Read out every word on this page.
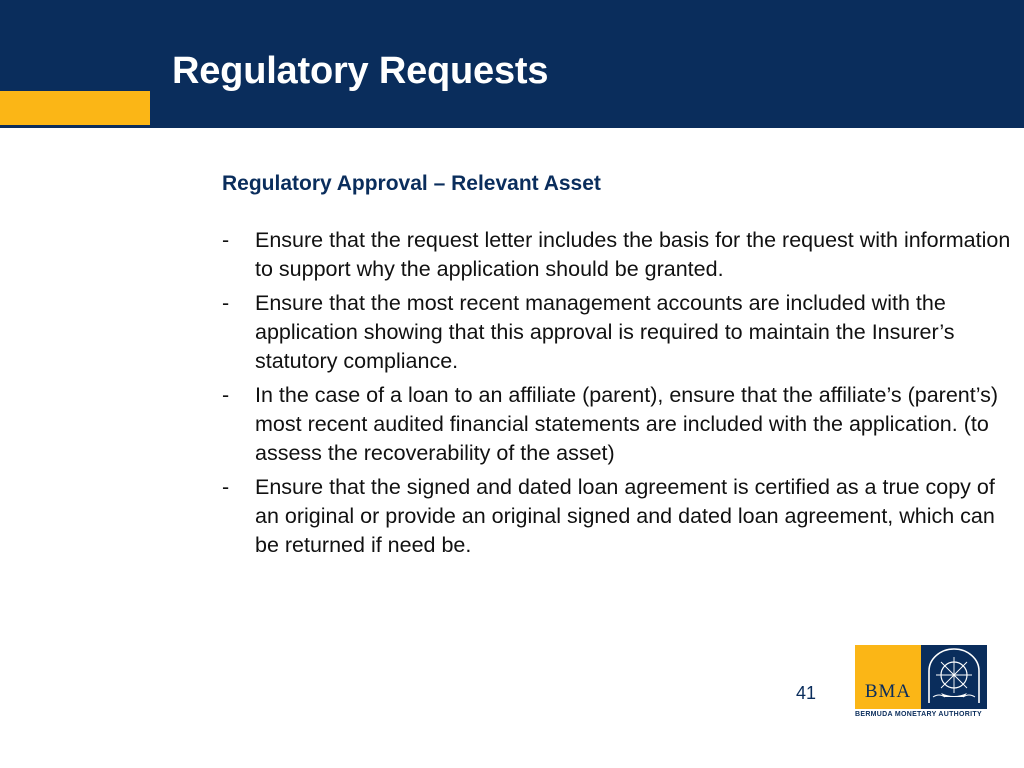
Regulatory Requests
Regulatory Approval – Relevant Asset
- Ensure that the request letter includes the basis for the request with information to support why the application should be granted.
- Ensure that the most recent management accounts are included with the application showing that this approval is required to maintain the Insurer’s statutory compliance.
- In the case of a loan to an affiliate (parent), ensure that the affiliate’s (parent’s) most recent audited financial statements are included with the application. (to assess the recoverability of the asset)
- Ensure that the signed and dated loan agreement is certified as a true copy of an original or provide an original signed and dated loan agreement, which can be returned if need be.
41	BMA
BERMUDA MONETARY AUTHORITY
